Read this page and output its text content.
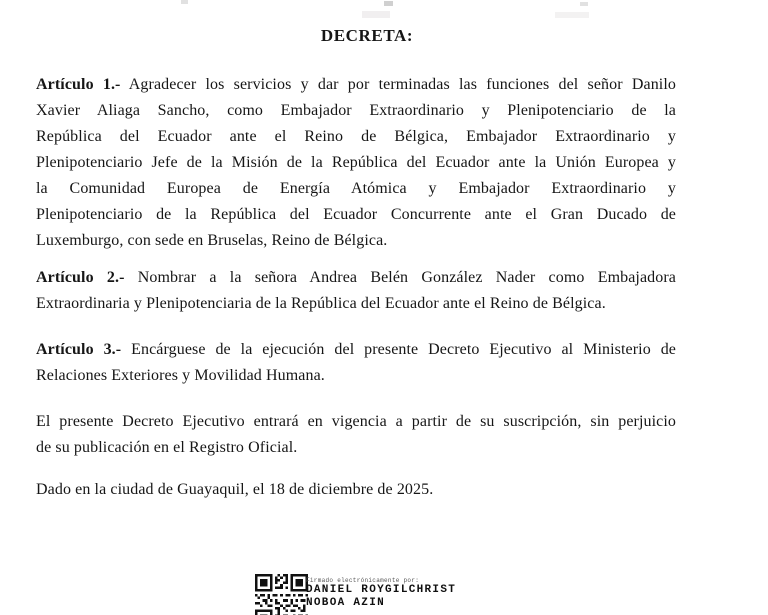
DECRETA:
Artículo 1.- Agradecer los servicios y dar por terminadas las funciones del señor Danilo
Xavier Aliaga Sancho, como Embajador Extraordinario y Plenipotenciario de la
República del Ecuador ante el Reino de Bélgica, Embajador Extraordinario y
Plenipotenciario Jefe de la Misión de la República del Ecuador ante la Unión Europea y
la Comunidad Europea de Energía Atómica y Embajador Extraordinario y
Plenipotenciario de la República del Ecuador Concurrente ante el Gran Ducado de
Luxemburgo, con sede en Bruselas, Reino de Bélgica.
Artículo 2.- Nombrar a la señora Andrea Belén González Nader como Embajadora
Extraordinaria y Plenipotenciaria de la República del Ecuador ante el Reino de Bélgica.
Artículo 3.- Encárguese de la ejecución del presente Decreto Ejecutivo al Ministerio de
Relaciones Exteriores y Movilidad Humana.
El presente Decreto Ejecutivo entrará en vigencia a partir de su suscripción, sin perjuicio
de su publicación en el Registro Oficial.
Dado en la ciudad de Guayaquil, el 18 de diciembre de 2025.
Firmado electrónicamente por:
DANIEL ROYGILCHRIST
NOBOA AZIN
